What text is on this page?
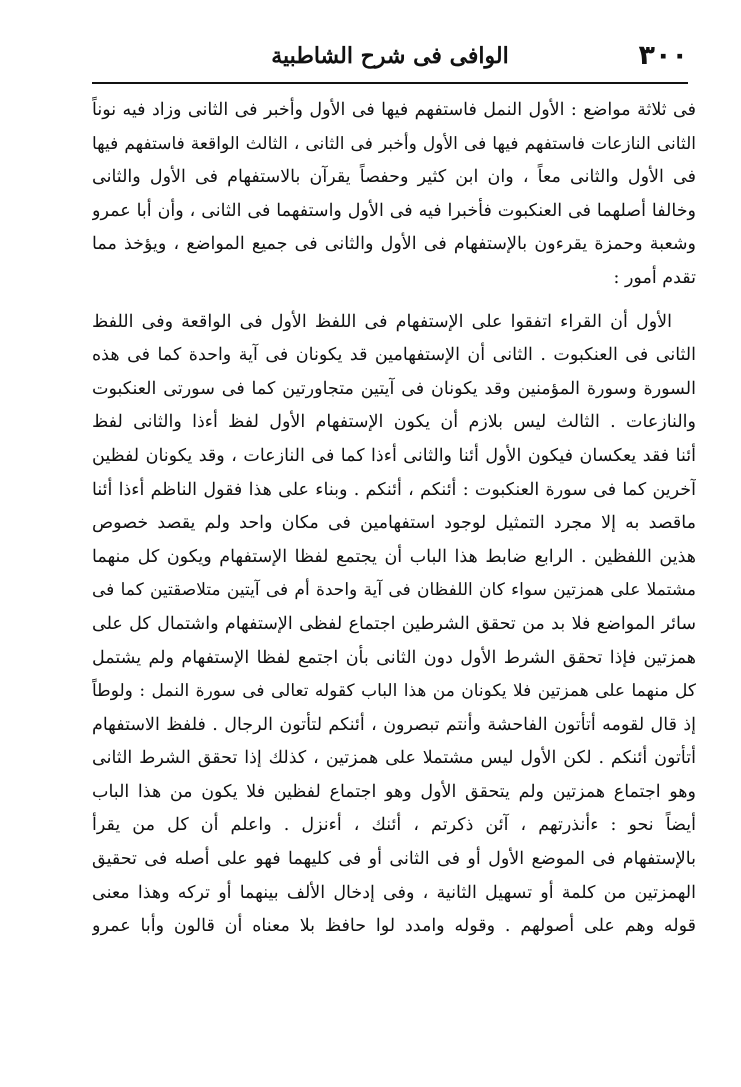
٣٠٠
الوافى فى شرح الشاطبية
فى ثلاثة مواضع : الأول النمل فاستفهم فيها فى الأول وأخبر فى الثانى وزاد فيه نوناً
الثانى النازعات فاستفهم فيها فى الأول وأخبر فى الثانى ، الثالث الواقعة فاستفهم فيها
فى الأول والثانى معاً ، وان ابن كثير وحفصاً يقرآن بالاستفهام فى الأول والثانى
وخالفا أصلهما فى العنكبوت فأخبرا فيه فى الأول واستفهما فى الثانى ، وأن أبا عمرو
وشعبة وحمزة يقرءون بالإستفهام فى الأول والثانى فى جميع المواضع ، ويؤخذ مما
تقدم أمور :
الأول أن القراء اتفقوا على الإستفهام فى اللفظ الأول فى الواقعة وفى اللفظ
الثانى فى العنكبوت . الثانى أن الإستفهامين قد يكونان فى آية واحدة كما فى هذه
السورة وسورة المؤمنين وقد يكونان فى آيتين متجاورتين كما فى سورتى العنكبوت
والنازعات . الثالث ليس بلازم أن يكون الإستفهام الأول لفظ أءذا والثانى لفظ
أئنا فقد يعكسان فيكون الأول أئنا والثانى أءذا كما فى النازعات ، وقد يكونان لفظين
آخرين كما فى سورة العنكبوت : أئنكم ، أئنكم . وبناء على هذا فقول الناظم أءذا أئنا
ماقصد به إلا مجرد التمثيل لوجود استفهامين فى مكان واحد ولم يقصد خصوص
هذين اللفظين . الرابع ضابط هذا الباب أن يجتمع لفظا الإستفهام ويكون كل منهما
مشتملا على همزتين سواء كان اللفظان فى آية واحدة أم فى آيتين متلاصقتين كما فى
سائر المواضع فلا بد من تحقق الشرطين اجتماع لفظى الإستفهام واشتمال كل على
همزتين فإذا تحقق الشرط الأول دون الثانى بأن اجتمع لفظا الإستفهام ولم يشتمل
كل منهما على همزتين فلا يكونان من هذا الباب كقوله تعالى فى سورة النمل : ولوطاً
إذ قال لقومه أتأتون الفاحشة وأنتم تبصرون ، أئنكم لتأتون الرجال . فلفظ الاستفهام
أتأتون أئنكم . لكن الأول ليس مشتملا على همزتين ، كذلك إذا تحقق الشرط الثانى
وهو اجتماع همزتين ولم يتحقق الأول وهو اجتماع لفظين فلا يكون من هذا الباب
أيضاً نحو : ءأنذرتهم ، آئن ذكرتم ، أئنك ، أءنزل . واعلم أن كل من يقرأ
بالإستفهام فى الموضع الأول أو فى الثانى أو فى كليهما فهو على أصله فى تحقيق
الهمزتين من كلمة أو تسهيل الثانية ، وفى إدخال الألف بينهما أو تركه وهذا معنى
قوله وهم على أصولهم . وقوله وامدد لوا حافظ بلا معناه أن قالون وأبا عمرو
